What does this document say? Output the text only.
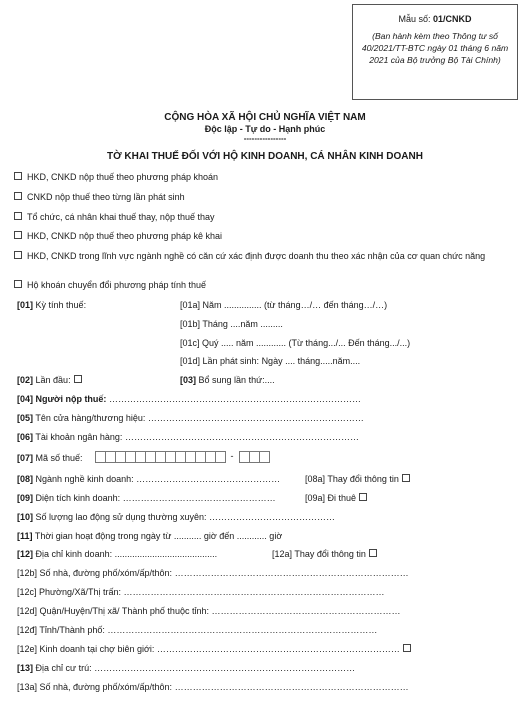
Mẫu số: 01/CNKD
(Ban hành kèm theo Thông tư số 40/2021/TT-BTC ngày 01 tháng 6 năm 2021 của Bộ trưởng Bộ Tài Chính)
CỘNG HÒA XÃ HỘI CHỦ NGHĨA VIỆT NAM
Độc lập - Tự do - Hạnh phúc
----------------
TỜ KHAI THUẾ ĐỐI VỚI HỘ KINH DOANH, CÁ NHÂN KINH DOANH
HKD, CNKD nộp thuế theo phương pháp khoán
CNKD nộp thuế theo từng lần phát sinh
Tổ chức, cá nhân khai thuế thay, nộp thuế thay
HKD, CNKD nộp thuế theo phương pháp kê khai
HKD, CNKD trong lĩnh vực ngành nghề có căn cứ xác định được doanh thu theo xác nhận của cơ quan chức năng
Hộ khoán chuyển đổi phương pháp tính thuế
[01] Kỳ tính thuế:	[01a] Năm ............... (từ tháng…/… đến tháng…/…)
[01b] Tháng ....năm .........
[01c] Quý ..... năm ............ (Từ tháng.../... Đến tháng.../...)
[01d] Lần phát sinh: Ngày .... tháng.....năm....
[02] Lần đầu:	[03] Bổ sung lần thứ:....
[04] Người nộp thuế: …………………………………………………………………………
[05] Tên cửa hàng/thương hiệu: ………………………………………………………………
[06] Tài khoản ngân hàng: ……………………………………………………………………
[07] Mã số thuế:	-
[08] Ngành nghề kinh doanh: …………………………………………	[08a] Thay đổi thông tin
[09] Diện tích kinh doanh: ……………………………………………	[09a] Đi thuê
[10] Số lượng lao động sử dụng thường xuyên: ……………………………………
[11] Thời gian hoạt động trong ngày từ ........... giờ đến ............ giờ
[12] Địa chỉ kinh doanh: .........................................	[12a] Thay đổi thông tin
[12b] Số nhà, đường phố/xóm/ấp/thôn: ……………………………………………………………………
[12c] Phường/Xã/Thị trấn: ……………………………………………………………………………
[12d] Quận/Huyện/Thị xã/ Thành phố thuộc tỉnh: ………………………………………………………
[12đ] Tỉnh/Thành phố: ………………………………………………………………………………
[12e] Kinh doanh tại chợ biên giới: ………………………………………………………………………
[13] Địa chỉ cư trú: ……………………………………………………………………………
[13a] Số nhà, đường phố/xóm/ấp/thôn: ……………………………………………………………………
